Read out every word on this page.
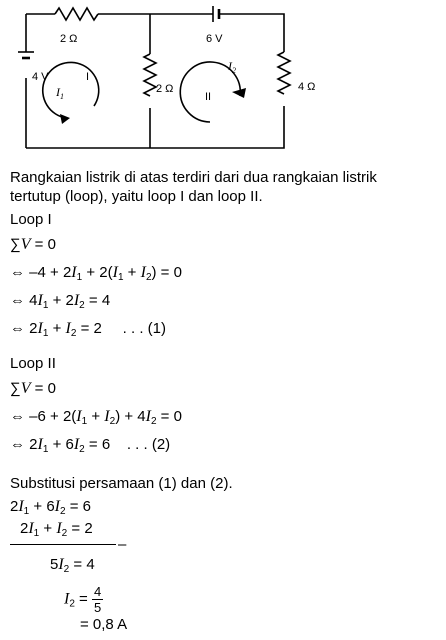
2 Ω	6 V
4 V
2 Ω	4 Ω
I
II
$I_1$
$I_2$
Rangkaian listrik di atas terdiri dari dua rangkaian listrik
tertutup (loop), yaitu loop I dan loop II.
Loop I
∑V = 0
⇔ $-4 + 2I_1 + 2(I_1 + I_2) = 0$
⇔ $4I_1 + 2I_2 = 4$
⇔ $2I_1 + I_2 = 2$     . . . (1)
Loop II
∑V = 0
⇔ $-6 + 2(I_1 + I_2) + 4I_2 = 0$
⇔ $2I_1 + 6I_2 = 6$    . . . (2)
Substitusi persamaan (1) dan (2).
$2I_1 + 6I_2 = 6$
$2I_1 + I_2 = 2$
–
$5I_2 = 4$
$I_2 = \frac{4}{5}$
= 0,8 A
